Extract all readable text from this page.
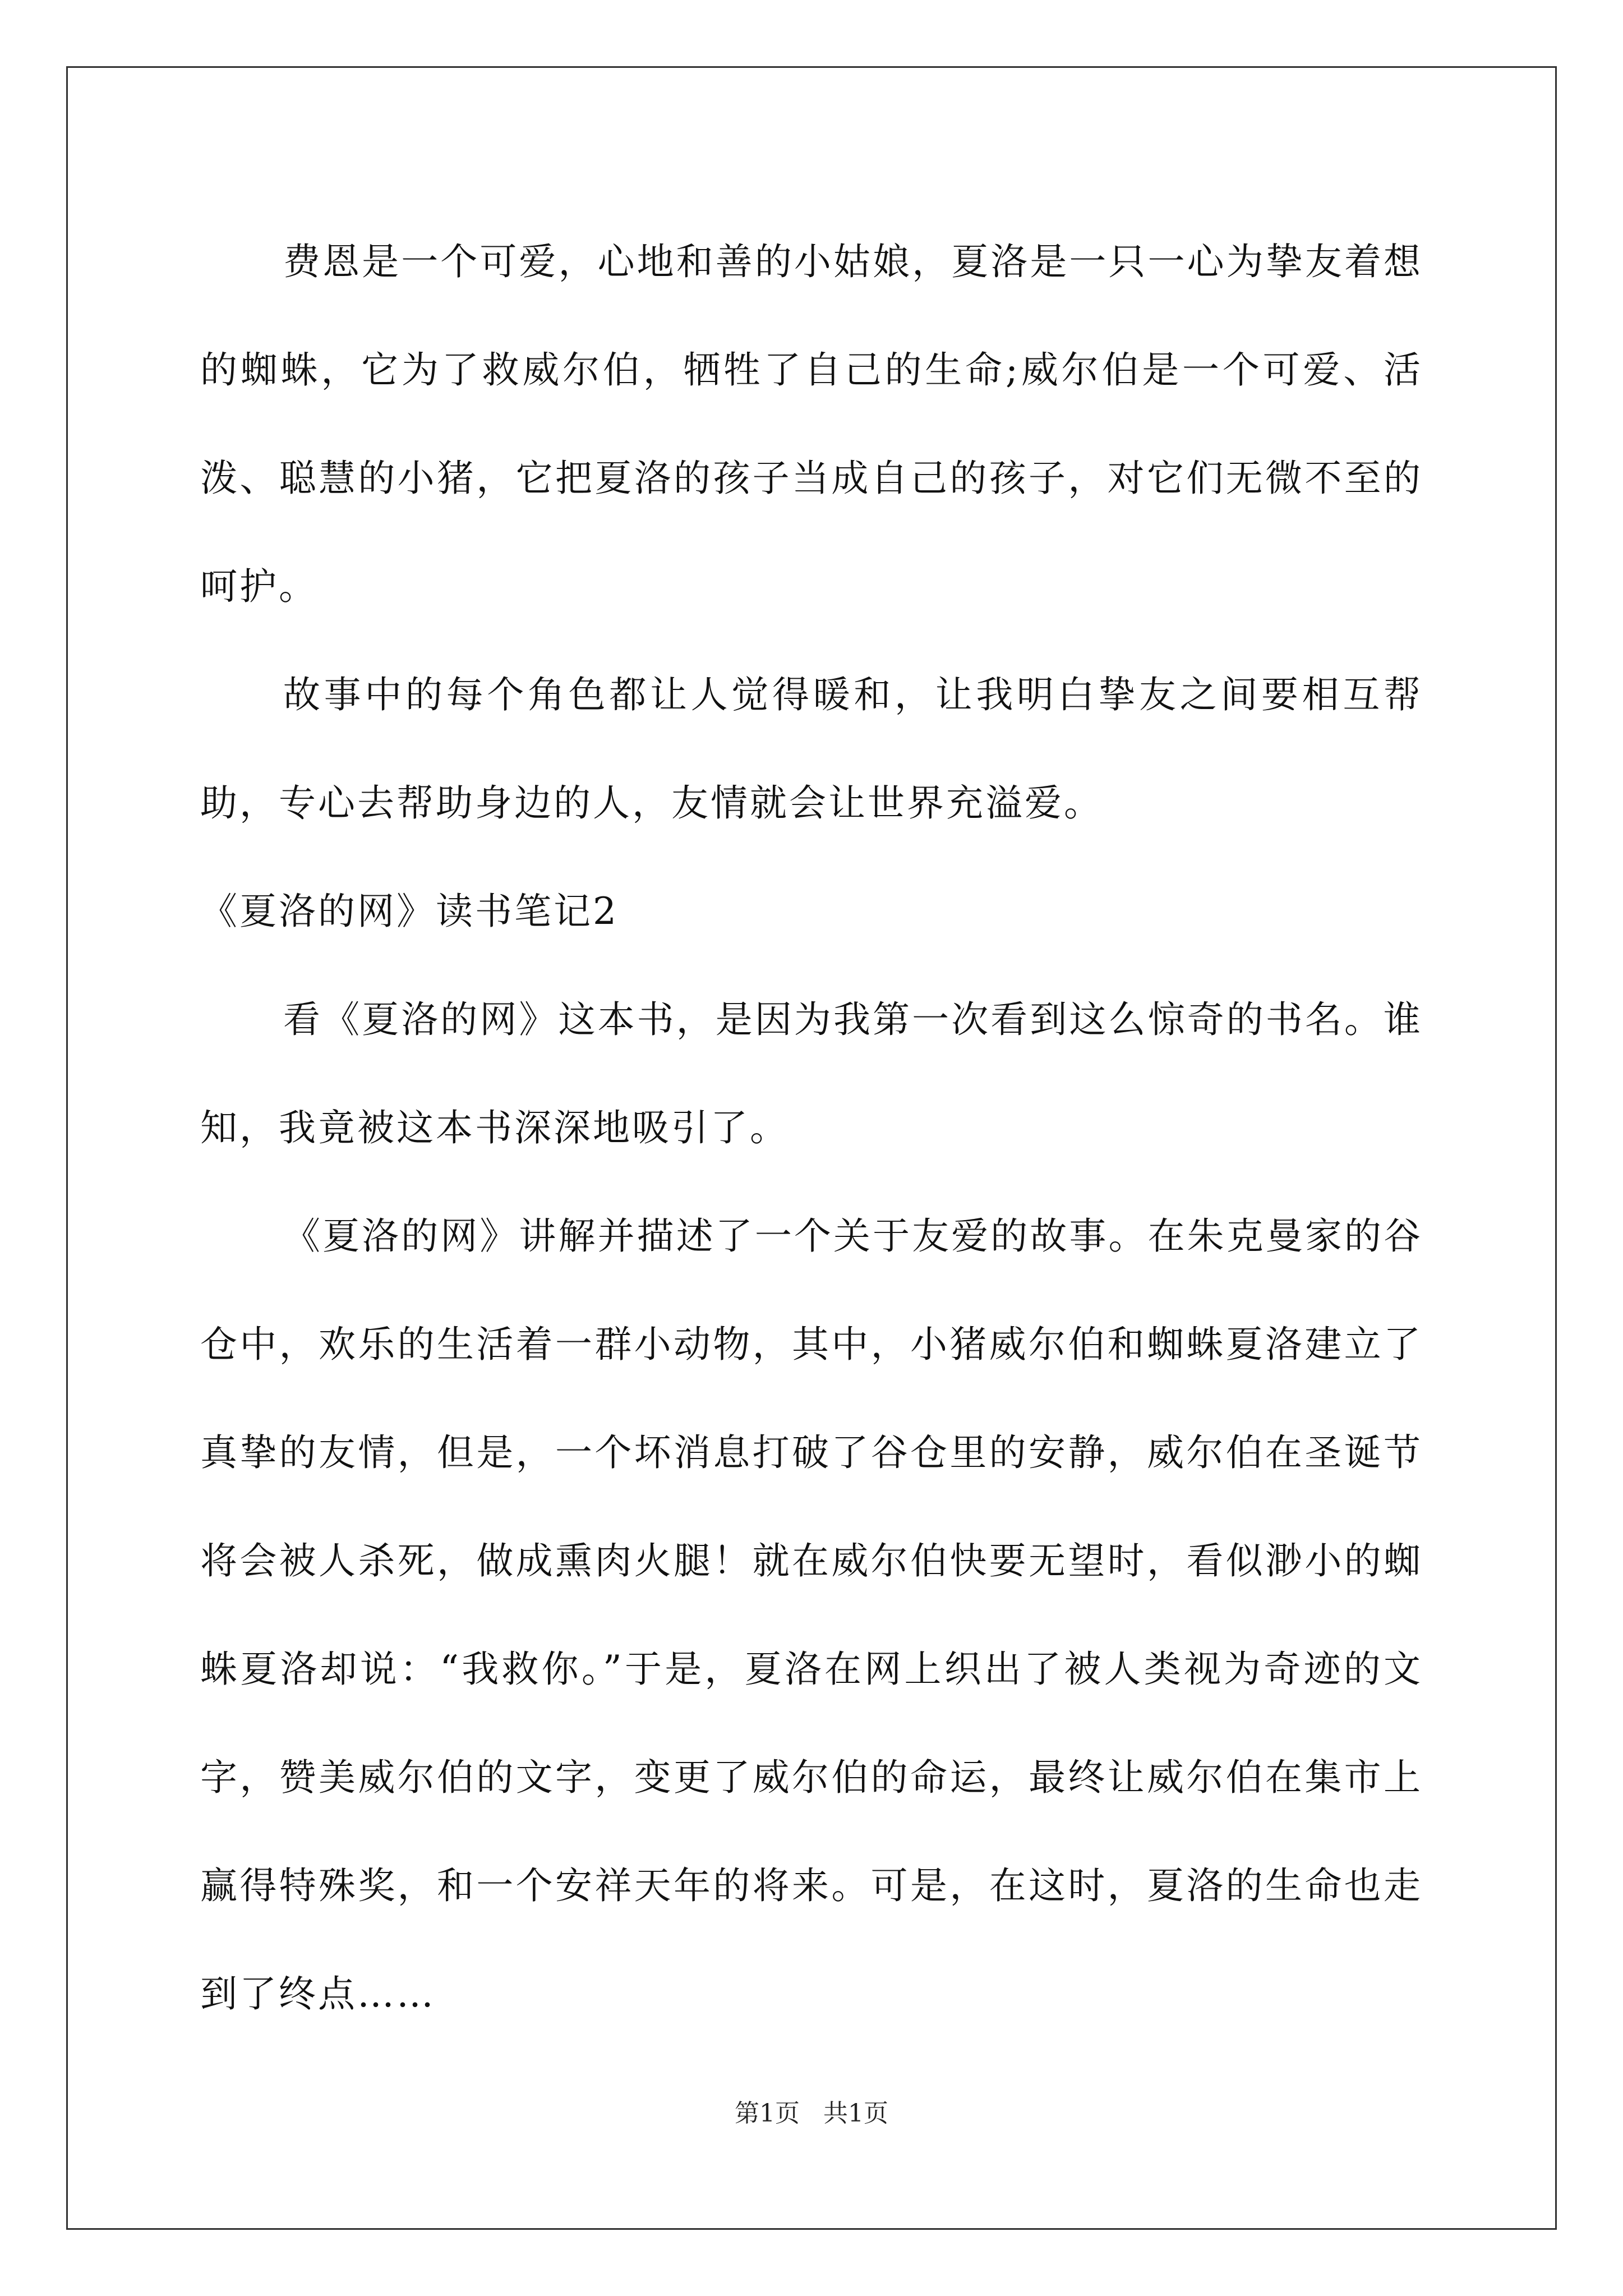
费恩是一个可爱，心地和善的小姑娘，夏洛是一只一心为挚友着想的蜘蛛，它为了救威尔伯，牺牲了自己的生命;威尔伯是一个可爱、活泼、聪慧的小猪，它把夏洛的孩子当成自己的孩子，对它们无微不至的呵护。

故事中的每个角色都让人觉得暖和，让我明白挚友之间要相互帮助，专心去帮助身边的人，友情就会让世界充溢爱。

《夏洛的网》读书笔记2

看《夏洛的网》这本书，是因为我第一次看到这么惊奇的书名。谁知，我竟被这本书深深地吸引了。

《夏洛的网》讲解并描述了一个关于友爱的故事。在朱克曼家的谷仓中，欢乐的生活着一群小动物，其中，小猪威尔伯和蜘蛛夏洛建立了真挚的友情，但是，一个坏消息打破了谷仓里的安静，威尔伯在圣诞节将会被人杀死，做成熏肉火腿！就在威尔伯快要无望时，看似渺小的蜘蛛夏洛却说：“我救你。”于是，夏洛在网上织出了被人类视为奇迹的文字，赞美威尔伯的文字，变更了威尔伯的命运，最终让威尔伯在集市上赢得特殊奖，和一个安祥天年的将来。可是，在这时，夏洛的生命也走到了终点……

第1页   共1页
